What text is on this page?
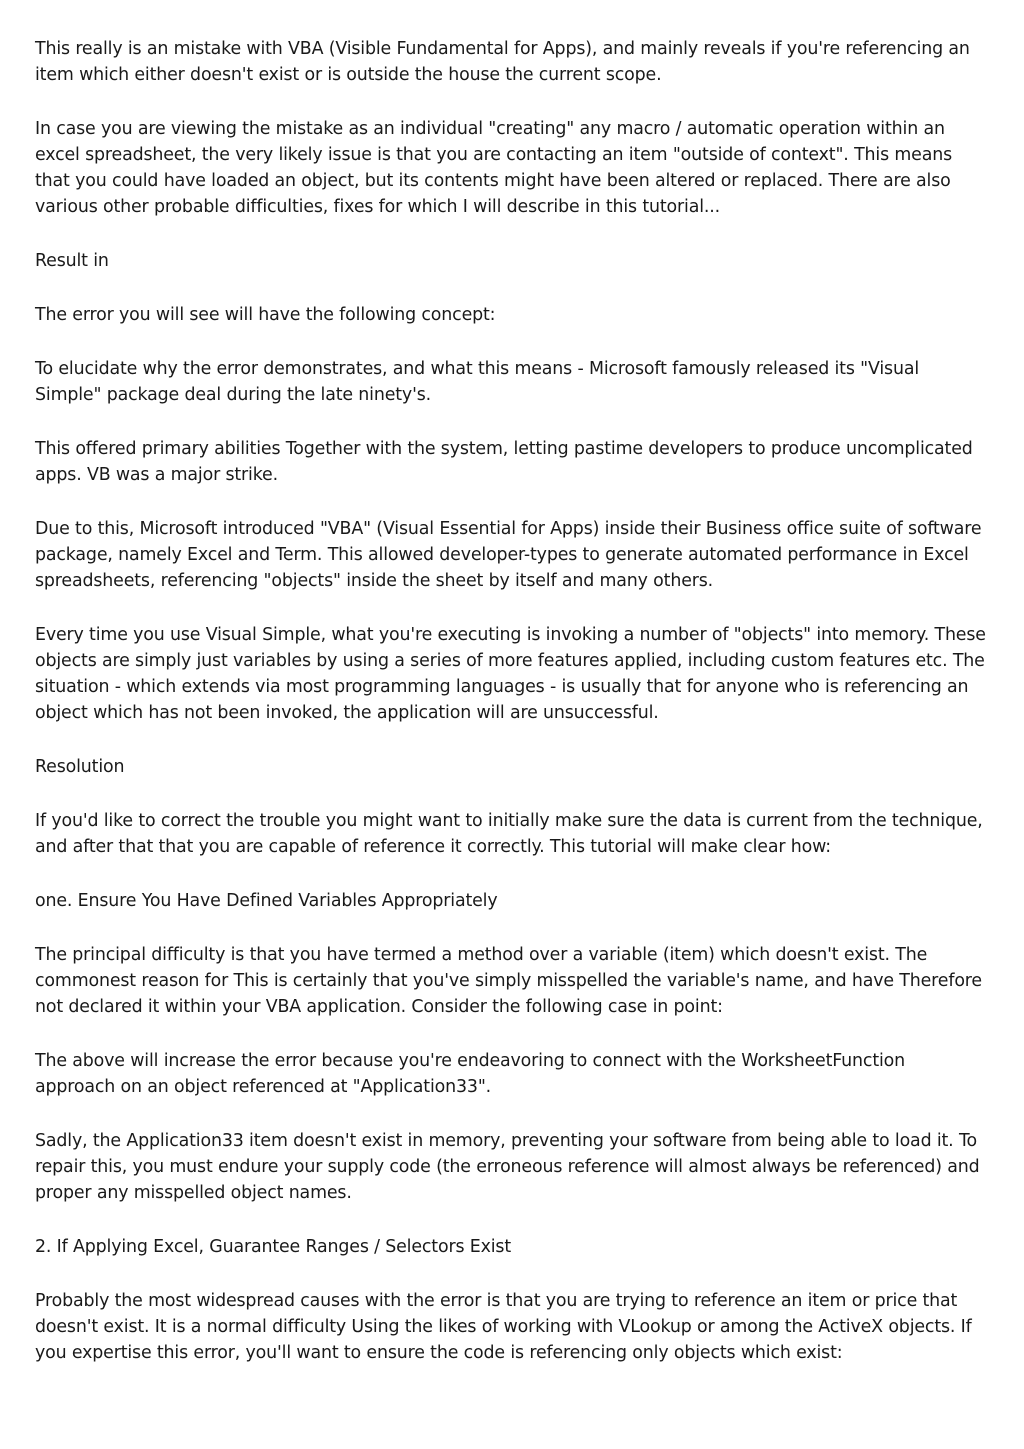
This really is an mistake with VBA (Visible Fundamental for Apps), and mainly reveals if you're referencing an item which either doesn't exist or is outside the house the current scope.

In case you are viewing the mistake as an individual "creating" any macro / automatic operation within an excel spreadsheet, the very likely issue is that you are contacting an item "outside of context". This means that you could have loaded an object, but its contents might have been altered or replaced. There are also various other probable difficulties, fixes for which I will describe in this tutorial...

Result in

The error you will see will have the following concept:

To elucidate why the error demonstrates, and what this means - Microsoft famously released its "Visual Simple" package deal during the late ninety's.

This offered primary abilities Together with the system, letting pastime developers to produce uncomplicated apps. VB was a major strike.

Due to this, Microsoft introduced "VBA" (Visual Essential for Apps) inside their Business office suite of software package, namely Excel and Term. This allowed developer-types to generate automated performance in Excel spreadsheets, referencing "objects" inside the sheet by itself and many others.

Every time you use Visual Simple, what you're executing is invoking a number of "objects" into memory. These objects are simply just variables by using a series of more features applied, including custom features etc. The situation - which extends via most programming languages - is usually that for anyone who is referencing an object which has not been invoked, the application will are unsuccessful.

Resolution

If you'd like to correct the trouble you might want to initially make sure the data is current from the technique, and after that that you are capable of reference it correctly. This tutorial will make clear how:

one. Ensure You Have Defined Variables Appropriately

The principal difficulty is that you have termed a method over a variable (item) which doesn't exist. The commonest reason for This is certainly that you've simply misspelled the variable's name, and have Therefore not declared it within your VBA application. Consider the following case in point:

The above will increase the error because you're endeavoring to connect with the WorksheetFunction approach on an object referenced at "Application33".

Sadly, the Application33 item doesn't exist in memory, preventing your software from being able to load it. To repair this, you must endure your supply code (the erroneous reference will almost always be referenced) and proper any misspelled object names.

2. If Applying Excel, Guarantee Ranges / Selectors Exist

Probably the most widespread causes with the error is that you are trying to reference an item or price that doesn't exist. It is a normal difficulty Using the likes of working with VLookup or among the ActiveX objects. If you expertise this error, you'll want to ensure the code is referencing only objects which exist:
